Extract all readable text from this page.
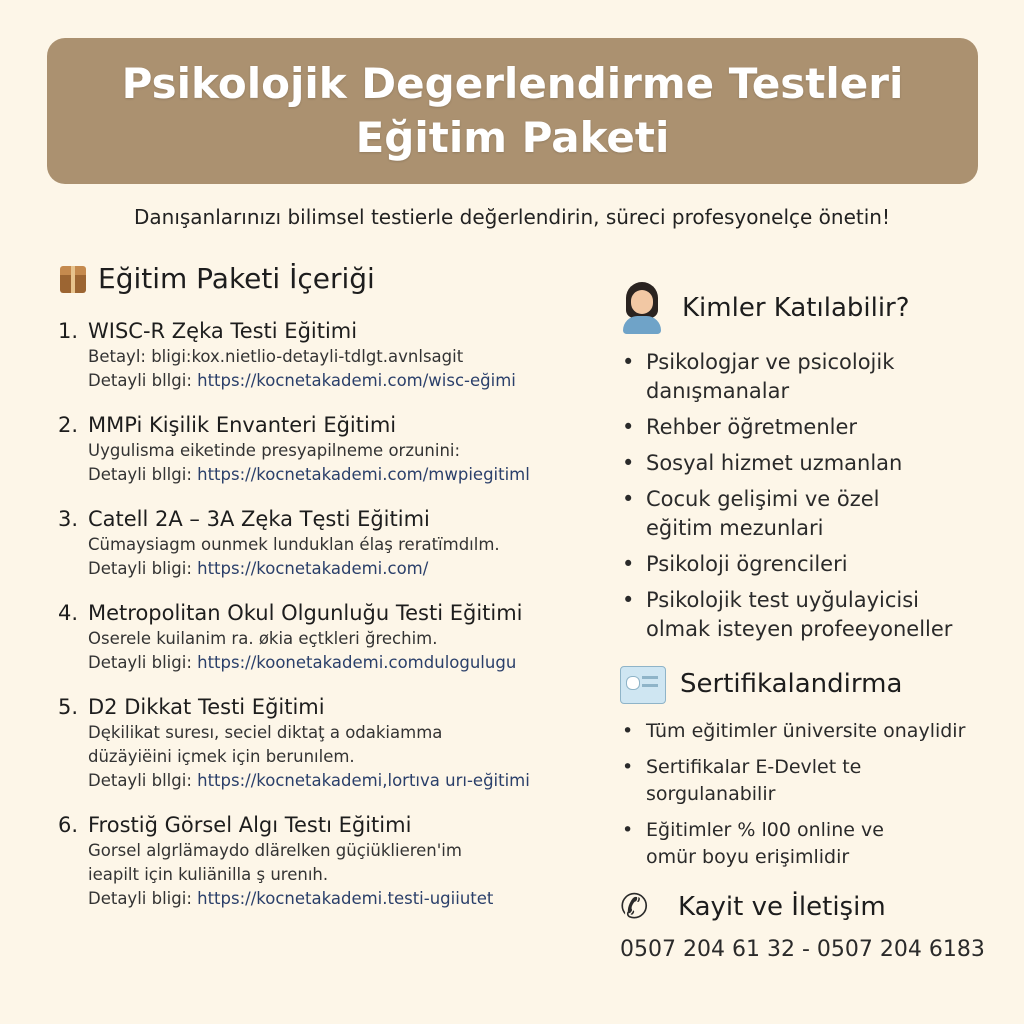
Psikolojik Degerlendirme Testleri
Eğitim Paketi
Danışanlarınızı bilimsel testierle değerlendirin, süreci profesyonelçe önetin!
Eğitim Paketi İçeriği
1. WISC-R Zęka Testi Eğitimi
Betayl: bligi:kox.nietlio-detayli-tdlgt.avnlsagit
Detayli bllgi: https://kocnetakademi.com/wisc-eğimi
2. MMPi Kişilik Envanteri Eğitimi
Uygulisma eiketinde presyapilneme orzunini:
Detayli bllgi: https://kocnetakademi.com/mwpiegitiml
3. Catell 2A – 3A Zęka Tęsti Eğitimi
Cümaysiagm ounmek lunduklan élaş reratïmdılm.
Detayli bligi: https://kocnetakademi.com/
4. Metropolitan Okul Olgunluğu Testi Eğitimi
Oserele kuilanim ra. økia eçtkleri ğrechim.
Detayli bligi: https://koonetakademi.comdulogulugu
5. D2 Dikkat Testi Eğitimi
Dękilikat suresı, seciel diktaţ a odakiamma
düzäyiëini içmek için berunılem.
Detayli bllgi: https://kocnetakademi,lortıva urı-eğitimi
6. Frostiğ Görsel Algı Testı Eğitimi
Gorsel algrlämaydo dlärelken güçiüklieren'im
ieapilt için kuliänilla ş urenıh.
Detayli bligi: https://kocnetakademi.testi-ugiiutet
Kimler Katılabilir?
• Psikologjar ve psicolojik danışmanalar
• Rehber öğretmenler
• Sosyal hizmet uzmanlan
• Cocuk gelişimi ve özel eğitim mezunlari
• Psikoloji ögrencileri
• Psikolojik test uyğulayicisi olmak isteyen profeeyoneller
Sertifikalandirma
• Tüm eğitimler üniversite onaylidir
• Sertifikalar E-Devlet te sorgulanabilir
• Eğitimler % l00 online ve omür boyu erişimlidir
✆	Kayit ve İletişim
0507 204 61 32 - 0507 204 6183
